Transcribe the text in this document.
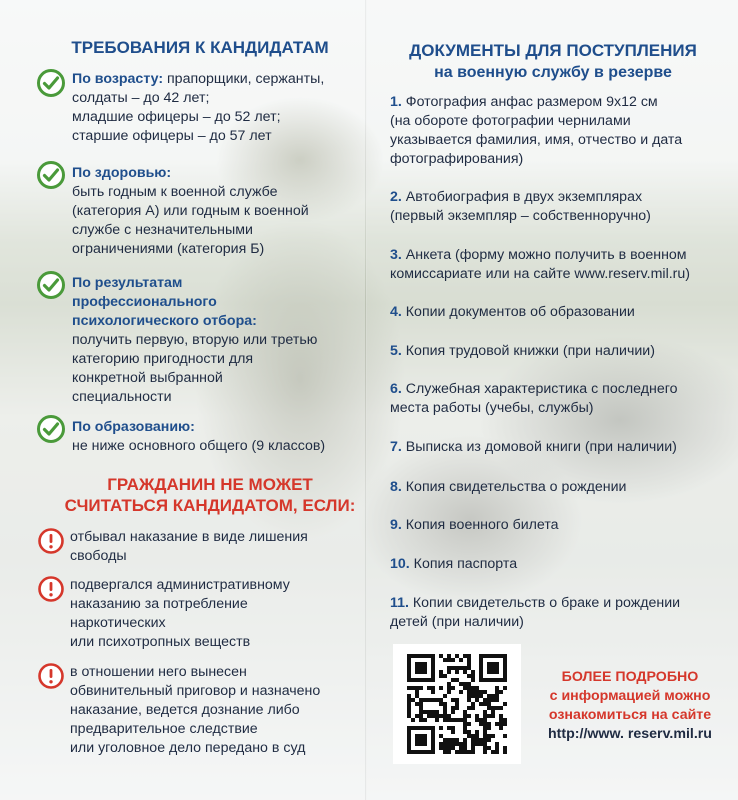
ТРЕБОВАНИЯ К КАНДИДАТАМ
По возрасту: прапорщики, сержанты,
солдаты – до 42 лет;
младшие офицеры – до 52 лет;
старшие офицеры – до 57 лет
По здоровью:
быть годным к военной службе
(категория А) или годным к военной
службе с незначительными
ограничениями (категория Б)
По результатам
профессионального
психологического отбора:
получить первую, вторую или третью
категорию пригодности для
конкретной выбранной
специальности
По образованию:
не ниже основного общего (9 классов)
ГРАЖДАНИН НЕ МОЖЕТ
СЧИТАТЬСЯ КАНДИДАТОМ, ЕСЛИ:
отбывал наказание в виде лишения
свободы
подвергался административному
наказанию за потребление
наркотических
или психотропных веществ
в отношении него вынесен
обвинительный приговор и назначено
наказание, ведется дознание либо
предварительное следствие
или уголовное дело передано в суд
ДОКУМЕНТЫ ДЛЯ ПОСТУПЛЕНИЯ
на военную службу в резерве
1. Фотография анфас размером 9х12 см
(на обороте фотографии чернилами
указывается фамилия, имя, отчество и дата
фотографирования)
2. Автобиография в двух экземплярах
(первый экземпляр – собственноручно)
3. Анкета (форму можно получить в военном
комиссариате или на сайте www.reserv.mil.ru)
4. Копии документов об образовании
5. Копия трудовой книжки (при наличии)
6. Служебная характеристика с последнего
места работы (учебы, службы)
7. Выписка из домовой книги (при наличии)
8. Копия свидетельства о рождении
9. Копия военного билета
10. Копия паспорта
11. Копии свидетельств о браке и рождении
детей (при наличии)
БОЛЕЕ ПОДРОБНО
с информацией можно
ознакомиться на сайте
http://www. reserv.mil.ru
